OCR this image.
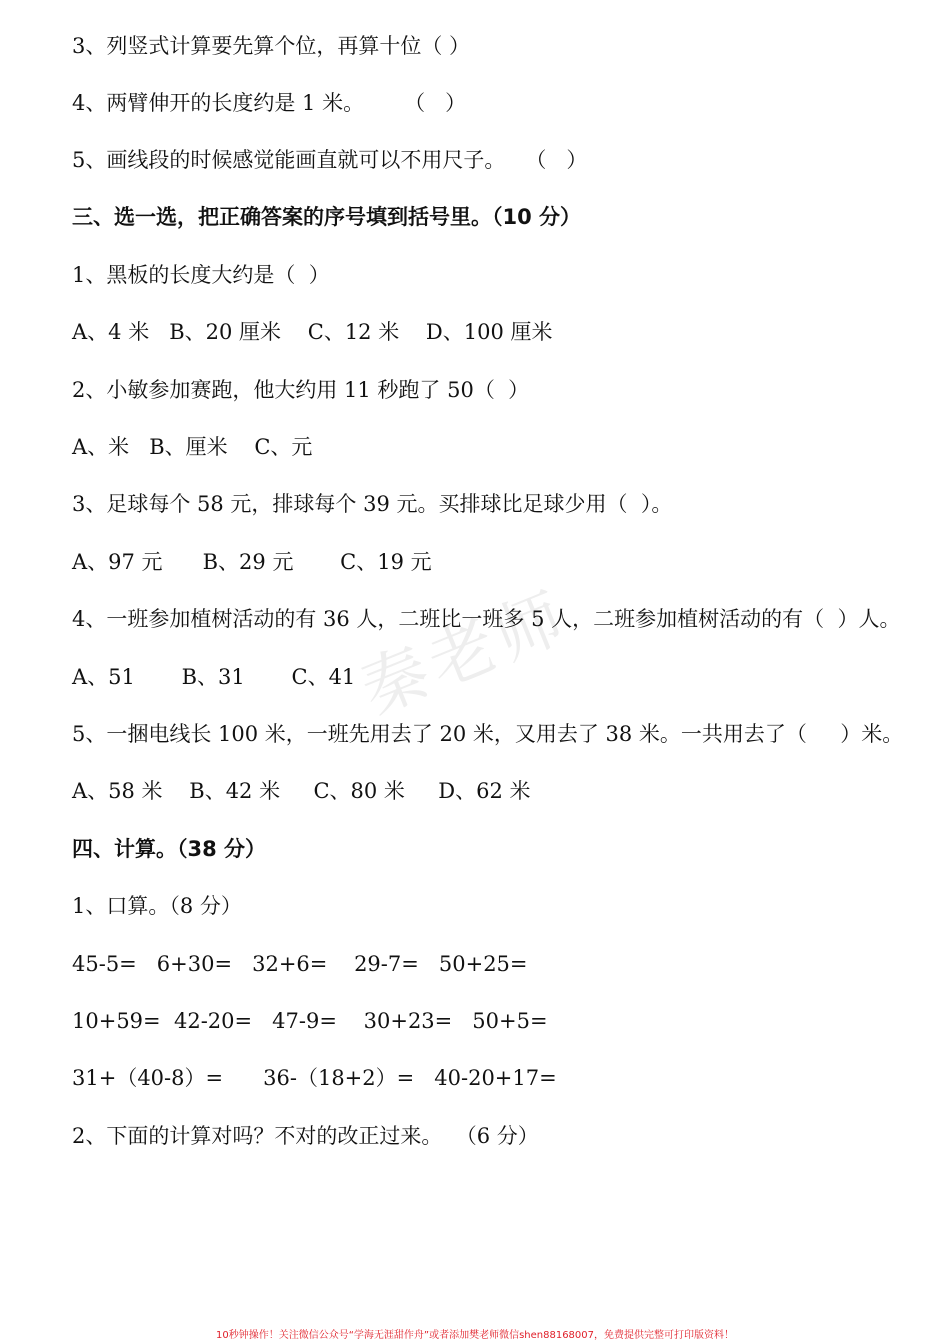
秦老师
3、列竖式计算要先算个位，再算十位（ ）
4、两臂伸开的长度约是 1 米。      （   ）
5、画线段的时候感觉能画直就可以不用尺子。   （   ）
三、选一选，把正确答案的序号填到括号里。（10 分）
1、黑板的长度大约是（  ）
A、4 米   B、20 厘米    C、12 米    D、100 厘米
2、小敏参加赛跑，他大约用 11 秒跑了 50（  ）
A、米   B、厘米    C、元
3、足球每个 58 元，排球每个 39 元。买排球比足球少用（  ）。
A、97 元      B、29 元       C、19 元
4、一班参加植树活动的有 36 人，二班比一班多 5 人，二班参加植树活动的有（  ）人。
A、51       B、31       C、41
5、一捆电线长 100 米，一班先用去了 20 米，又用去了 38 米。一共用去了（     ）米。
A、58 米    B、42 米     C、80 米     D、62 米
四、计算。（38 分）
1、口算。（8 分）
45-5=   6+30=   32+6=    29-7=   50+25=
10+59=  42-20=   47-9=    30+23=   50+5=
31+（40-8）=      36-（18+2）=   40-20+17=
2、下面的计算对吗？不对的改正过来。  （6 分）
10秒钟操作！关注微信公众号“学海无涯甜作舟”或者添加樊老师微信shen88168007，免费提供完整可打印版资料！
